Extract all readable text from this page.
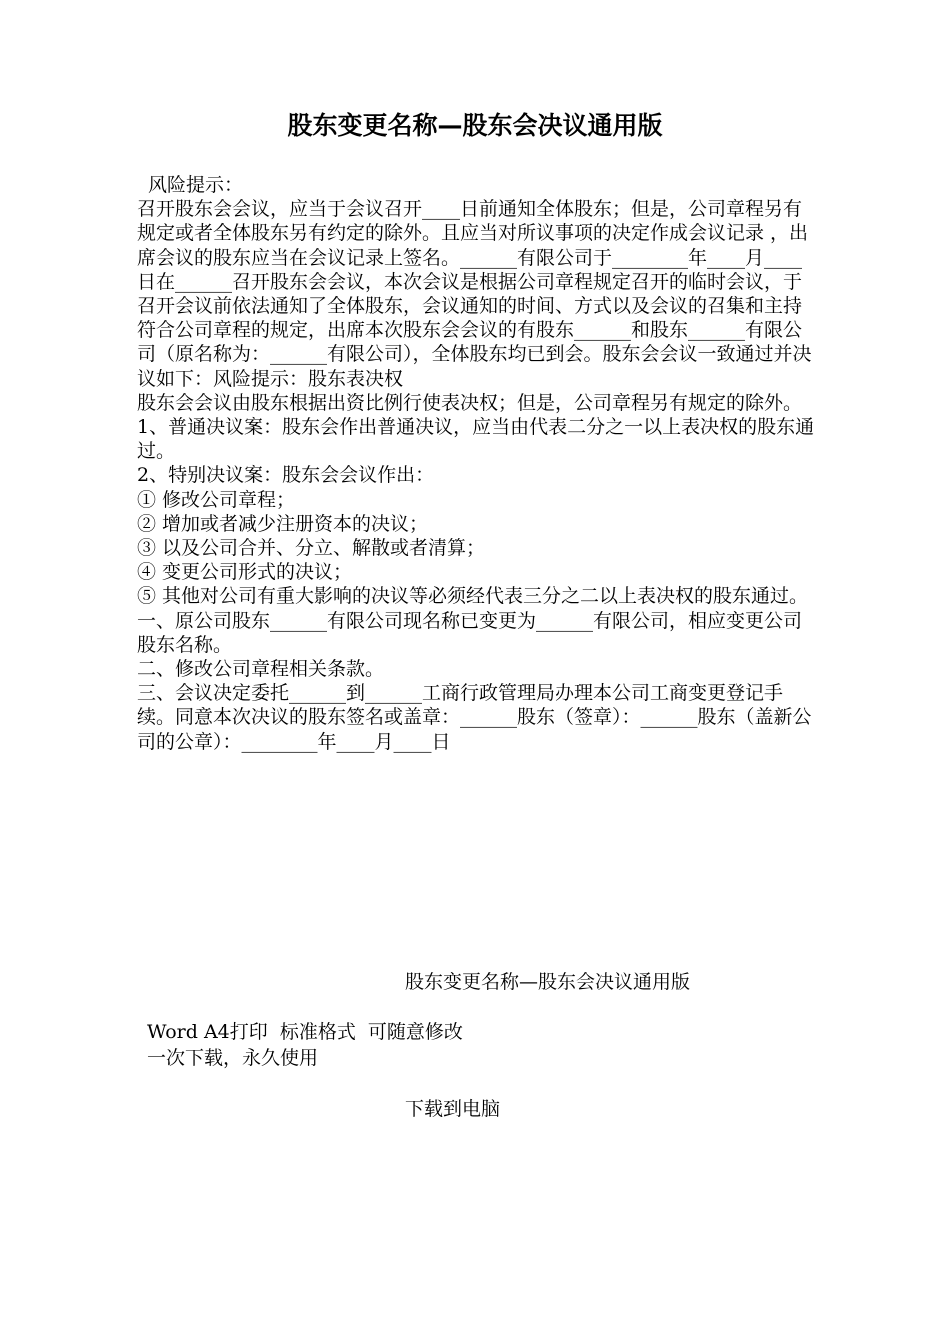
股东变更名称—股东会决议通用版

风险提示：

召开股东会会议，应当于会议召开____日前通知全体股东；但是，公司章程另有规定或者全体股东另有约定的除外。且应当对所议事项的决定作成会议记录 ，出席会议的股东应当在会议记录上签名。______有限公司于________年____月____日在______召开股东会会议，本次会议是根据公司章程规定召开的临时会议，于召开会议前依法通知了全体股东，会议通知的时间、方式以及会议的召集和主持符合公司章程的规定，出席本次股东会会议的有股东______和股东______有限公司（原名称为：______有限公司），全体股东均已到会。股东会会议一致通过并决议如下：风险提示：股东表决权

股东会会议由股东根据出资比例行使表决权；但是，公司章程另有规定的除外。

1、普通决议案：股东会作出普通决议，应当由代表二分之一以上表决权的股东通过。

2、特别决议案：股东会会议作出：

① 修改公司章程；

② 增加或者减少注册资本的决议；

③ 以及公司合并、分立、解散或者清算；

④ 变更公司形式的决议；

⑤ 其他对公司有重大影响的决议等必须经代表三分之二以上表决权的股东通过。

一、原公司股东______有限公司现名称已变更为______有限公司，相应变更公司股东名称。

二、修改公司章程相关条款。

三、会议决定委托______到______工商行政管理局办理本公司工商变更登记手续。同意本次决议的股东签名或盖章：______股东（签章）：______股东（盖新公司的公章）：________年____月____日

股东变更名称—股东会决议通用版

Word A4打印  标准格式  可随意修改

一次下载，永久使用

下载到电脑
